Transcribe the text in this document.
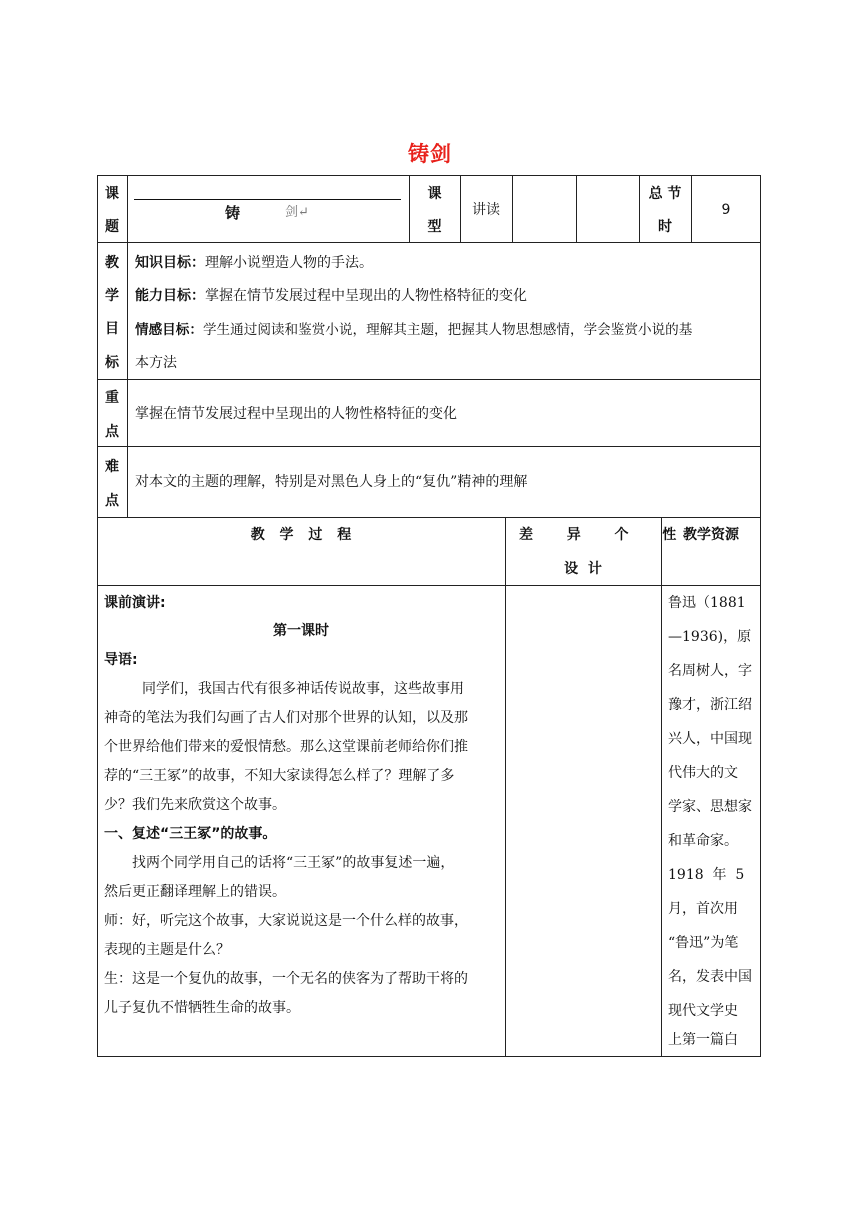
铸剑
课
题
铸	剑↵
课
型
讲读
总 节
时
9
教
学
目
标
知识目标：理解小说塑造人物的手法。
能力目标：掌握在情节发展过程中呈现出的人物性格特征的变化
情感目标：学生通过阅读和鉴赏小说，理解其主题，把握其人物思想感情，学会鉴赏小说的基
本方法
重
点
掌握在情节发展过程中呈现出的人物性格特征的变化
难
点
对本文的主题的理解，特别是对黑色人身上的“复仇”精神的理解
教 学 过 程	差  异  个  性
设  计
教学资源
课前演讲:
第一课时
导语:
同学们，我国古代有很多神话传说故事，这些故事用
神奇的笔法为我们勾画了古人们对那个世界的认知，以及那
个世界给他们带来的爱恨情愁。那么这堂课前老师给你们推
荐的“三王冢”的故事，不知大家读得怎么样了？理解了多
少？我们先来欣赏这个故事。
一、复述“三王冢”的故事。
找两个同学用自己的话将“三王冢”的故事复述一遍，
然后更正翻译理解上的错误。
师：好，听完这个故事，大家说说这是一个什么样的故事，
表现的主题是什么？
生：这是一个复仇的故事，一个无名的侠客为了帮助干将的
儿子复仇不惜牺牲生命的故事。
鲁迅（1881
—1936)，原
名周树人，字
豫才，浙江绍
兴人，中国现
代伟大的文
学家、思想家
和革命家。
1918  年  5
月，首次用
“鲁迅”为笔
名，发表中国
现代文学史
上第一篇白
